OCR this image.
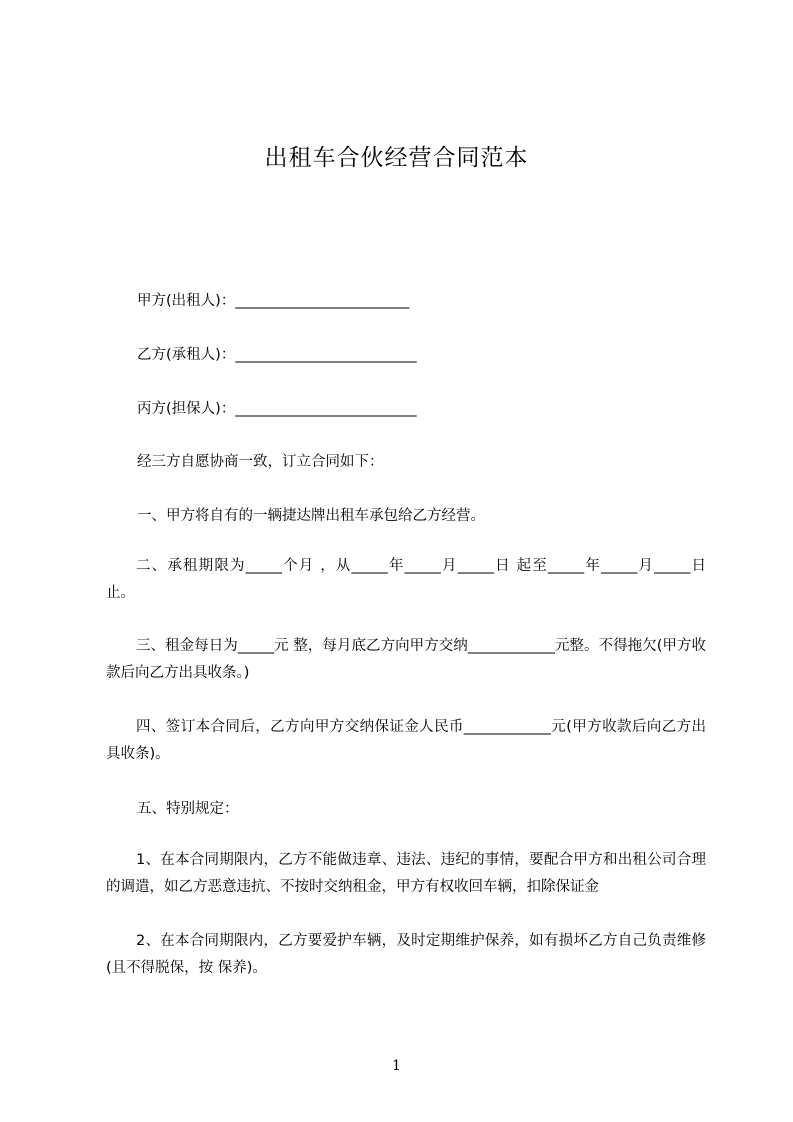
出租车合伙经营合同范本
甲方(出租人)：________________________
乙方(承租人)：_________________________
丙方(担保人)：_________________________
经三方自愿协商一致，订立合同如下：
一、甲方将自有的一辆捷达牌出租车承包给乙方经营。

二、承租期限为_____个月 ，从_____年_____月_____日 起至_____年_____月_____日 止。

三、租金每日为_____元 整，每月底乙方向甲方交纳____________元整。不得拖欠(甲方收款后向乙方出具收条。)

四、签订本合同后，乙方向甲方交纳保证金人民币____________元(甲方收款后向乙方出具收条)。

五、特别规定：

1、在本合同期限内，乙方不能做违章、违法、违纪的事情，要配合甲方和出租公司合理的调遣，如乙方恶意违抗、不按时交纳租金，甲方有权收回车辆，扣除保证金

2、在本合同期限内，乙方要爱护车辆，及时定期维护保养，如有损坏乙方自己负责维修(且不得脱保，按 保养)。

1
